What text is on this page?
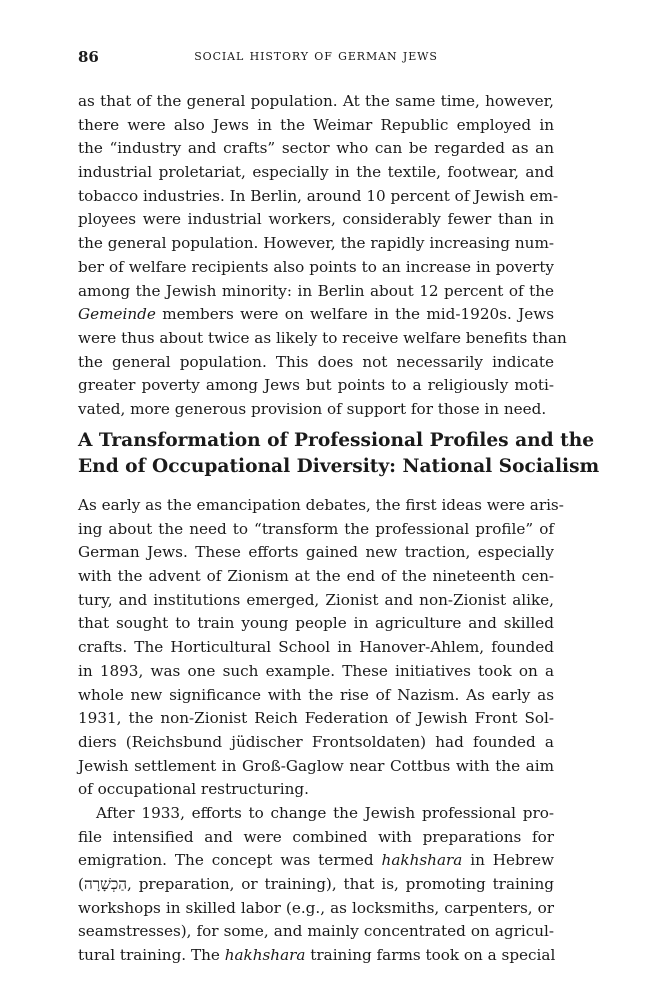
86	SOCIAL HISTORY OF GERMAN JEWS
as that of the general population. At the same time, however,
there were also Jews in the Weimar Republic employed in
the “industry and crafts” sector who can be regarded as an
industrial proletariat, especially in the textile, footwear, and
tobacco industries. In Berlin, around 10 percent of Jewish em-
ployees were industrial workers, considerably fewer than in
the general population. However, the rapidly increasing num-
ber of welfare recipients also points to an increase in poverty
among the Jewish minority: in Berlin about 12 percent of the
Gemeinde members were on welfare in the mid-1920s. Jews
were thus about twice as likely to receive welfare benefits than
the general population. This does not necessarily indicate
greater poverty among Jews but points to a religiously moti-
vated, more generous provision of support for those in need.
A Transformation of Professional Profiles and the
End of Occupational Diversity: National Socialism
As early as the emancipation debates, the first ideas were aris-
ing about the need to “transform the professional profile” of
German Jews. These efforts gained new traction, especially
with the advent of Zionism at the end of the nineteenth cen-
tury, and institutions emerged, Zionist and non-Zionist alike,
that sought to train young people in agriculture and skilled
crafts. The Horticultural School in Hanover-Ahlem, founded
in 1893, was one such example. These initiatives took on a
whole new significance with the rise of Nazism. As early as
1931, the non-Zionist Reich Federation of Jewish Front Sol-
diers (Reichsbund jüdischer Frontsoldaten) had founded a
Jewish settlement in Groß-Gaglow near Cottbus with the aim
of occupational restructuring.
After 1933, efforts to change the Jewish professional pro-
file intensified and were combined with preparations for
emigration. The concept was termed hakhshara in Hebrew
(הַכְשָׁרָה, preparation, or training), that is, promoting training
workshops in skilled labor (e.g., as locksmiths, carpenters, or
seamstresses), for some, and mainly concentrated on agricul-
tural training. The hakhshara training farms took on a special
